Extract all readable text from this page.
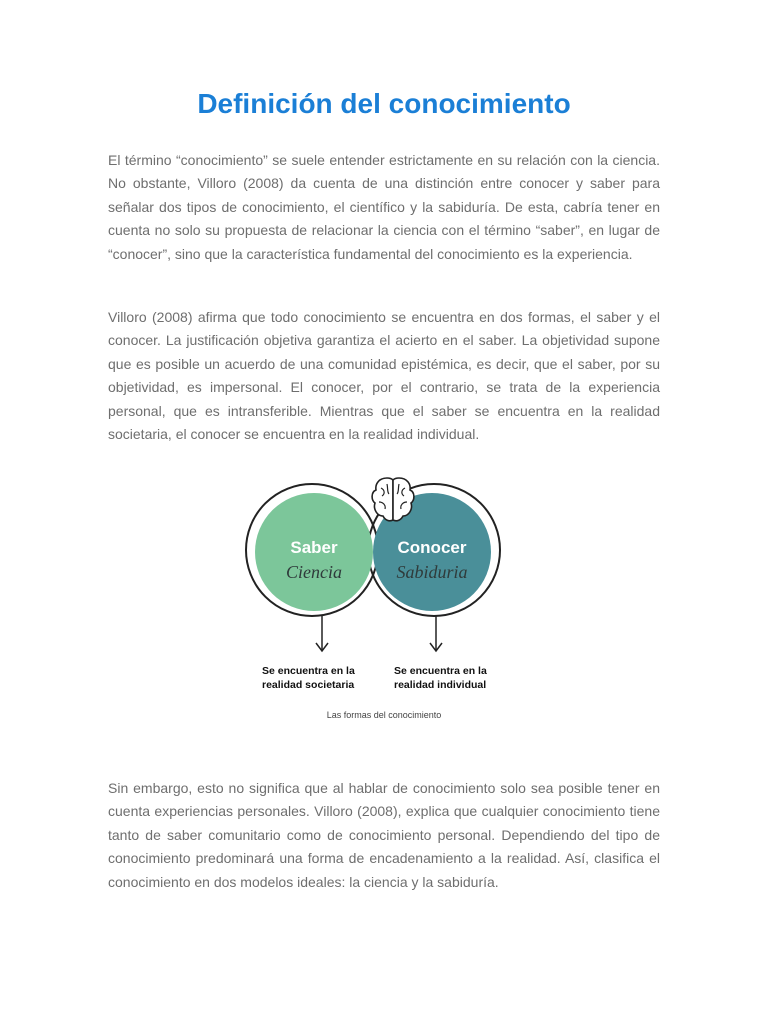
Definición del conocimiento

El término “conocimiento” se suele entender estrictamente en su relación con la ciencia. No obstante, Villoro (2008) da cuenta de una distinción entre conocer y saber para señalar dos tipos de conocimiento, el científico y la sabiduría. De esta, cabría tener en cuenta no solo su propuesta de relacionar la ciencia con el término “saber”, en lugar de “conocer”, sino que la característica fundamental del conocimiento es la experiencia.

Villoro (2008) afirma que todo conocimiento se encuentra en dos formas, el saber y el conocer. La justificación objetiva garantiza el acierto en el saber. La objetividad supone que es posible un acuerdo de una comunidad epistémica, es decir, que el saber, por su objetividad, es impersonal. El conocer, por el contrario, se trata de la experiencia personal, que es intransferible. Mientras que el saber se encuentra en la realidad societaria, el conocer se encuentra en la realidad individual.

Saber
Ciencia
Conocer
Sabiduria
Se encuentra en la
realidad societaria
Se encuentra en la
realidad individual
Las formas del conocimiento

Sin embargo, esto no significa que al hablar de conocimiento solo sea posible tener en cuenta experiencias personales. Villoro (2008), explica que cualquier conocimiento tiene tanto de saber comunitario como de conocimiento personal. Dependiendo del tipo de conocimiento predominará una forma de encadenamiento a la realidad. Así, clasifica el conocimiento en dos modelos ideales: la ciencia y la sabiduría.
